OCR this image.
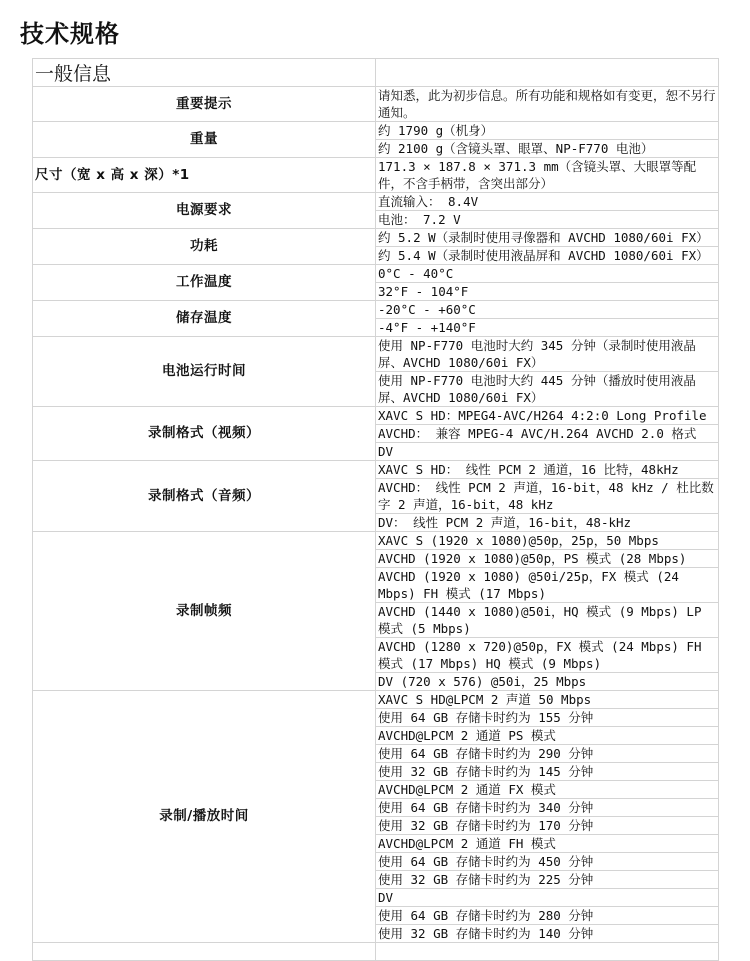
技术规格
一般信息	
重要提示	请知悉，此为初步信息。所有功能和规格如有变更，恕不另行通知。
重量	约 1790 g（机身）
	约 2100 g（含镜头罩、眼罩、NP-F770 电池）
尺寸（宽 x 高 x 深）*1	171.3 × 187.8 × 371.3 mm（含镜头罩、大眼罩等配件，不含手柄带，含突出部分）
电源要求	直流输入： 8.4V
	电池： 7.2 V
功耗	约 5.2 W（录制时使用寻像器和 AVCHD 1080/60i FX）
	约 5.4 W（录制时使用液晶屏和 AVCHD 1080/60i FX）
工作温度	0°C - 40°C
	32°F - 104°F
储存温度	-20°C - +60°C
	-4°F - +140°F
电池运行时间	使用 NP-F770 电池时大约 345 分钟（录制时使用液晶屏、AVCHD 1080/60i FX）
	使用 NP-F770 电池时大约 445 分钟（播放时使用液晶屏、AVCHD 1080/60i FX）
录制格式（视频）	XAVC S HD：MPEG4-AVC/H264 4:2:0 Long Profile
	AVCHD： 兼容 MPEG-4 AVC/H.264 AVCHD 2.0 格式
	DV
录制格式（音频）	XAVC S HD： 线性 PCM 2 通道，16 比特，48kHz
	AVCHD： 线性 PCM 2 声道，16-bit，48 kHz / 杜比数字 2 声道，16-bit，48 kHz
	DV： 线性 PCM 2 声道，16-bit，48-kHz
录制帧频	XAVC S (1920 x 1080)@50p，25p，50 Mbps
	AVCHD (1920 x 1080)@50p，PS 模式 (28 Mbps)
	AVCHD (1920 x 1080) @50i/25p，FX 模式 (24 Mbps) FH 模式 (17 Mbps)
	AVCHD (1440 x 1080)@50i，HQ 模式 (9 Mbps) LP 模式 (5 Mbps)
	AVCHD (1280 x 720)@50p，FX 模式 (24 Mbps) FH 模式 (17 Mbps) HQ 模式 (9 Mbps)
	DV (720 x 576) @50i，25 Mbps
录制/播放时间	XAVC S HD@LPCM 2 声道 50 Mbps
	使用 64 GB 存储卡时约为 155 分钟
	AVCHD@LPCM 2 通道 PS 模式
	使用 64 GB 存储卡时约为 290 分钟
	使用 32 GB 存储卡时约为 145 分钟
	AVCHD@LPCM 2 通道 FX 模式
	使用 64 GB 存储卡时约为 340 分钟
	使用 32 GB 存储卡时约为 170 分钟
	AVCHD@LPCM 2 通道 FH 模式
	使用 64 GB 存储卡时约为 450 分钟
	使用 32 GB 存储卡时约为 225 分钟
	DV
	使用 64 GB 存储卡时约为 280 分钟
	使用 32 GB 存储卡时约为 140 分钟
